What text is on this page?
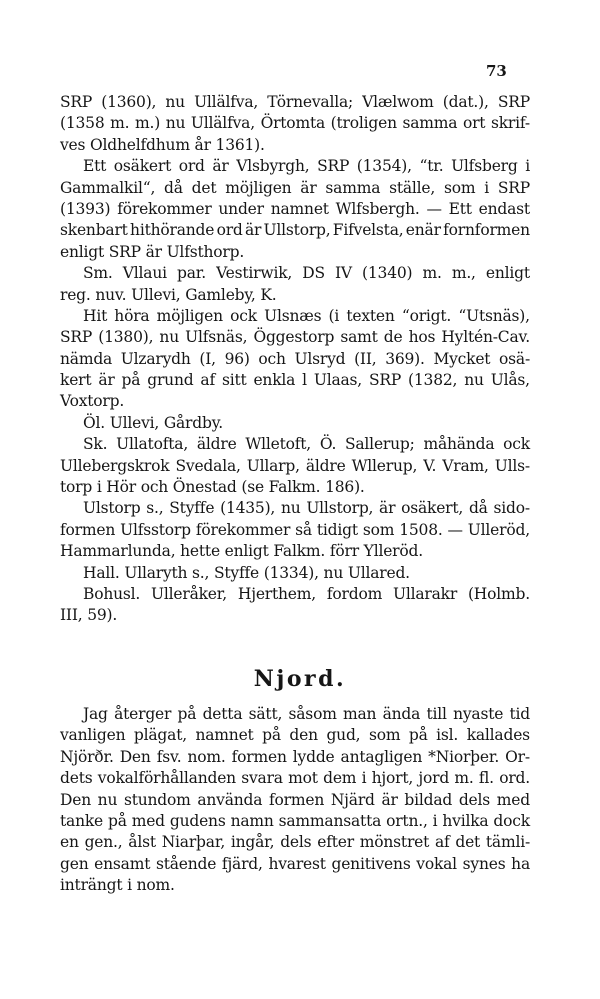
73

SRP (1360), nu Ullälfva, Törnevalla; Vlælwom (dat.), SRP
(1358 m. m.) nu Ullälfva, Örtomta (troligen samma ort skrif-
ves Oldhelfdhum år 1361).
Ett osäkert ord är Vlsbyrgh, SRP (1354), “tr. Ulfsberg i
Gammalkil“, då det möjligen är samma ställe, som i SRP
(1393) förekommer under namnet Wlfsbergh. — Ett endast
skenbart hithörande ord är Ullstorp, Fifvelsta, enär fornformen
enligt SRP är Ulfsthorp.
Sm. Vllaui par. Vestirwik, DS IV (1340) m. m., enligt
reg. nuv. Ullevi, Gamleby, K.
Hit höra möjligen ock Ulsnæs (i texten “origt. “Utsnäs),
SRP (1380), nu Ulfsnäs, Öggestorp samt de hos Hyltén-Cav.
nämda Ulzarydh (I, 96) och Ulsryd (II, 369). Mycket osä-
kert är på grund af sitt enkla l Ulaas, SRP (1382, nu Ulås,
Voxtorp.
Öl. Ullevi, Gårdby.
Sk. Ullatofta, äldre Wlletoft, Ö. Sallerup; måhända ock
Ullebergskrok Svedala, Ullarp, äldre Wllerup, V. Vram, Ulls-
torp i Hör och Önestad (se Falkm. 186).
Ulstorp s., Styffe (1435), nu Ullstorp, är osäkert, då sido-
formen Ulfsstorp förekommer så tidigt som 1508. — Ulleröd,
Hammarlunda, hette enligt Falkm. förr Ylleröd.
Hall. Ullaryth s., Styffe (1334), nu Ullared.
Bohusl. Ulleråker, Hjerthem, fordom Ullarakr (Holmb.
III, 59).
Njord.
Jag återger på detta sätt, såsom man ända till nyaste tid
vanligen plägat, namnet på den gud, som på isl. kallades
Njörðr. Den fsv. nom. formen lydde antagligen *Niorþer. Or-
dets vokalförhållanden svara mot dem i hjort, jord m. fl. ord.
Den nu stundom använda formen Njärd är bildad dels med
tanke på med gudens namn sammansatta ortn., i hvilka dock
en gen., ålst Niarþar, ingår, dels efter mönstret af det tämli-
gen ensamt stående fjärd, hvarest genitivens vokal synes ha
inträngt i nom.
